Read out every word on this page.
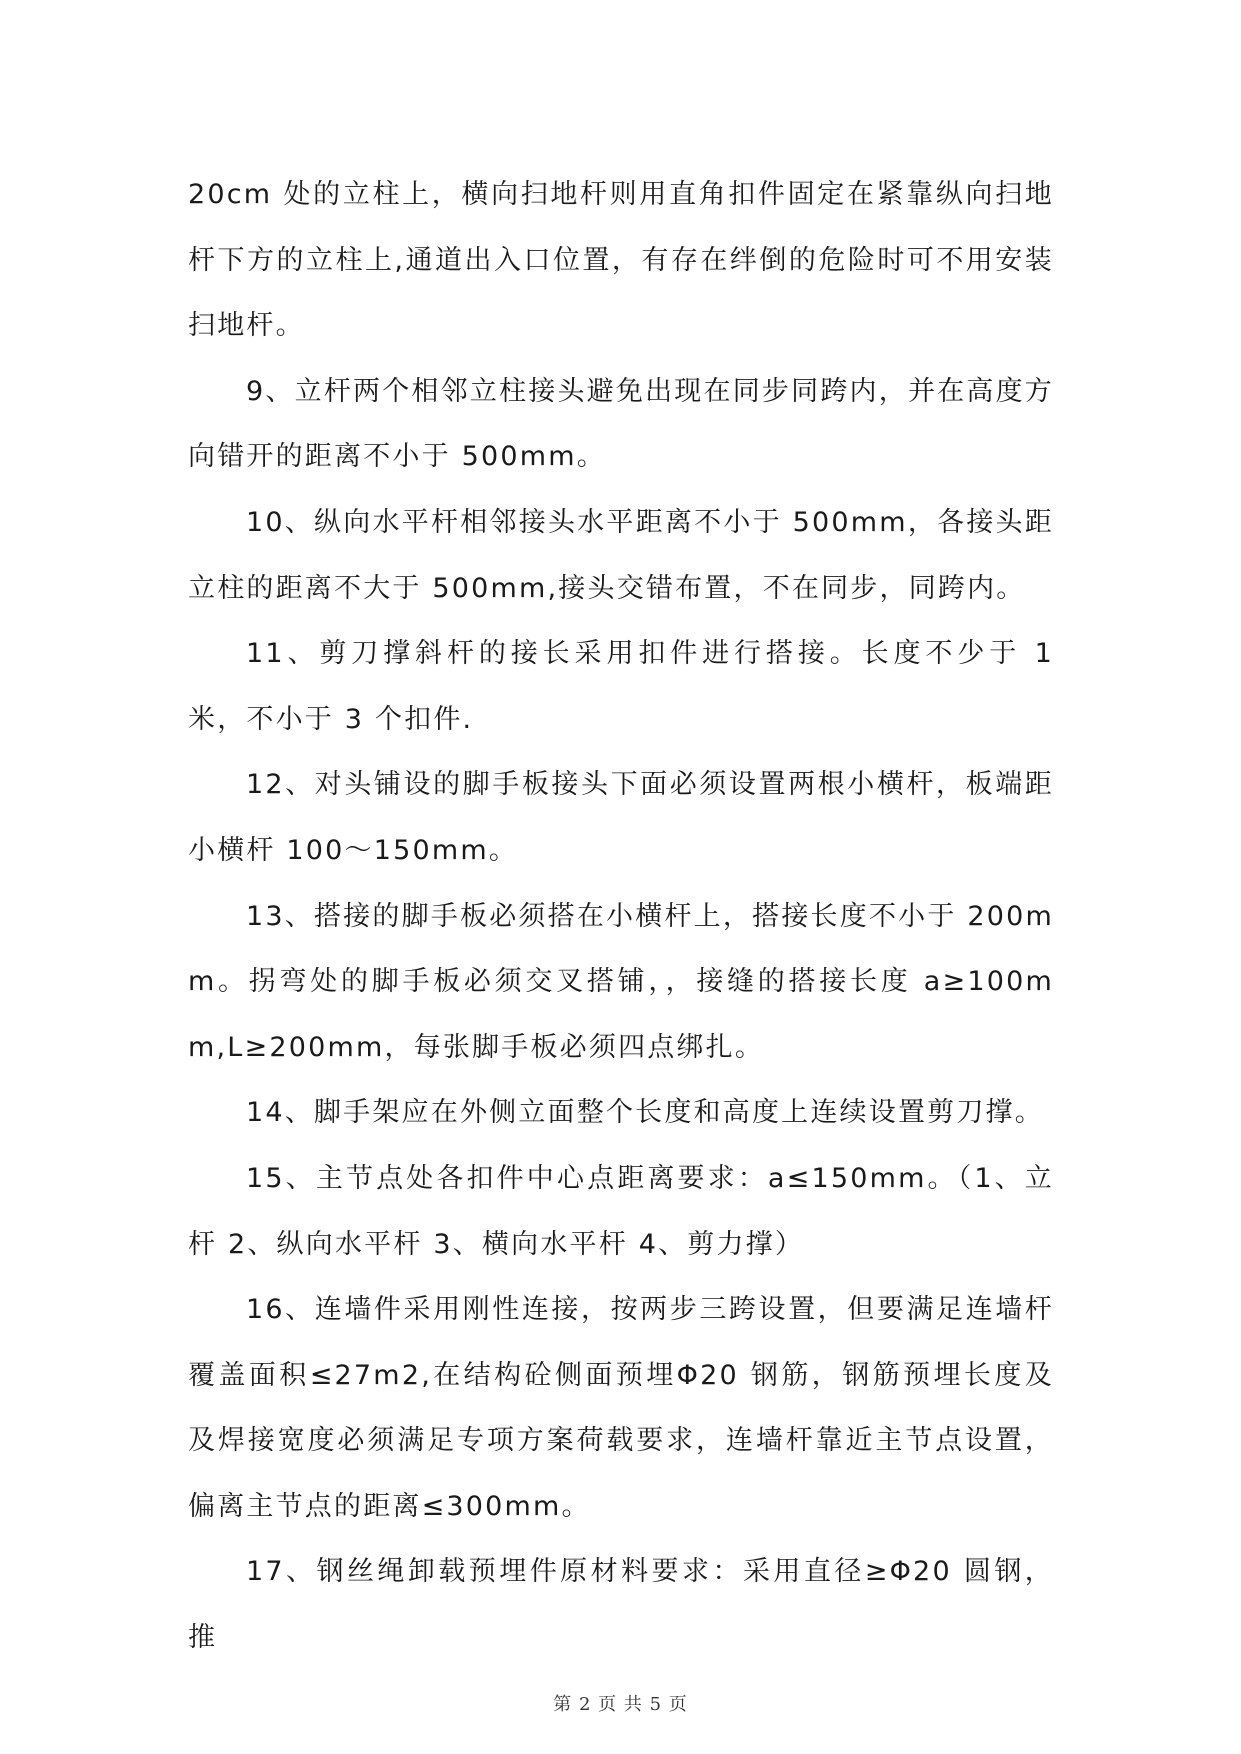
20cm 处的立柱上，横向扫地杆则用直角扣件固定在紧靠纵向扫地杆下方的立柱上,通道出入口位置，有存在绊倒的危险时可不用安装扫地杆。

9、立杆两个相邻立柱接头避免出现在同步同跨内，并在高度方向错开的距离不小于 500mm。

10、纵向水平杆相邻接头水平距离不小于 500mm，各接头距立柱的距离不大于 500mm,接头交错布置，不在同步，同跨内。

11、剪刀撑斜杆的接长采用扣件进行搭接。长度不少于 1 米，不小于 3 个扣件.

12、对头铺设的脚手板接头下面必须设置两根小横杆，板端距小横杆 100～150mm。

13、搭接的脚手板必须搭在小横杆上，搭接长度不小于 200mm。拐弯处的脚手板必须交叉搭铺，，接缝的搭接长度 a≥100mm,L≥200mm，每张脚手板必须四点绑扎。

14、脚手架应在外侧立面整个长度和高度上连续设置剪刀撑。

15、主节点处各扣件中心点距离要求：a≤150mm。（1、立杆 2、纵向水平杆 3、横向水平杆 4、剪力撑）

16、连墙件采用刚性连接，按两步三跨设置，但要满足连墙杆覆盖面积≤27m2,在结构砼侧面预埋Φ20 钢筋，钢筋预埋长度及及焊接宽度必须满足专项方案荷载要求，连墙杆靠近主节点设置，偏离主节点的距离≤300mm。

17、钢丝绳卸载预埋件原材料要求：采用直径≥Φ20 圆钢，推

第 2 页 共 5 页
